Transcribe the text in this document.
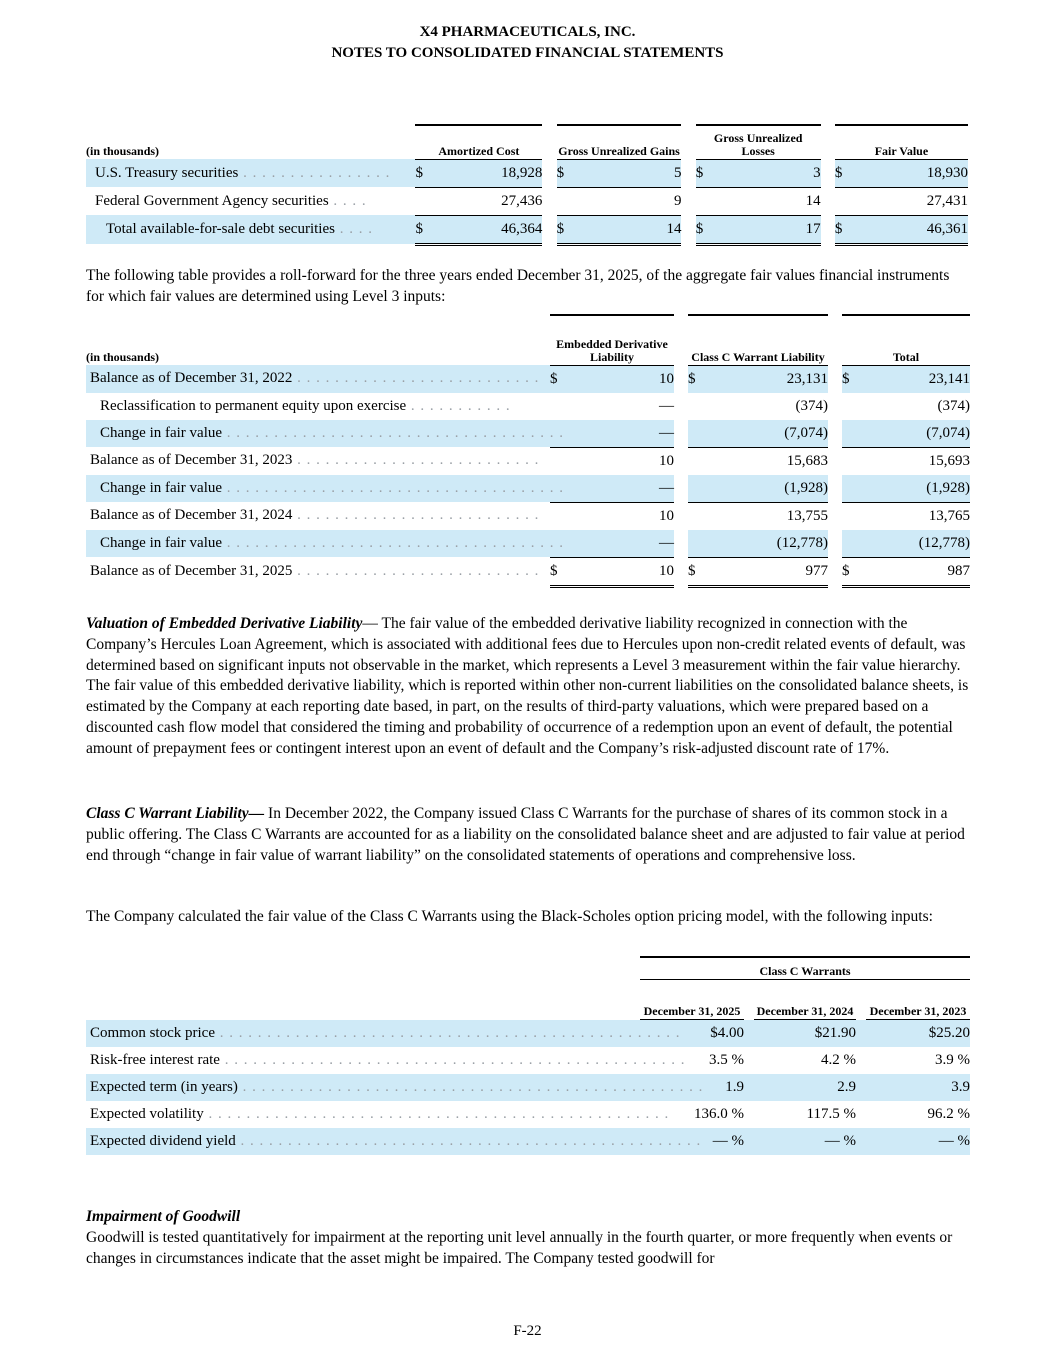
X4 PHARMACEUTICALS, INC.
NOTES TO CONSOLIDATED FINANCIAL STATEMENTS
(in thousands)	Amortized Cost			Gross Unrealized Gains			Gross Unrealized Losses			Fair Value	
U.S. Treasury securities . . . . . . . . . . . . . . . .	$	18,928		$	5		$	3		$	18,930
Federal Government Agency securities . . . .		27,436			9			14			27,431
Total available-for-sale debt securities . . . .	$	46,364		$	14		$	17		$	46,361

The following table provides a roll-forward for the three years ended December 31, 2025, of the aggregate fair values financial instruments for which fair values are determined using Level 3 inputs:

(in thousands)	Embedded Derivative Liability			Class C Warrant Liability			Total	
Balance as of December 31, 2022 . . . . . . . . . . . . . . . . . . . . . . . . . .	$	10		$	23,131		$	23,141
Reclassification to permanent equity upon exercise . . . . . . . . . . .		—			(374)			(374)
Change in fair value . . . . . . . . . . . . . . . . . . . . . . . . . . . . . . . . . . . .		—			(7,074)			(7,074)
Balance as of December 31, 2023 . . . . . . . . . . . . . . . . . . . . . . . . . .		10			15,683			15,693
Change in fair value . . . . . . . . . . . . . . . . . . . . . . . . . . . . . . . . . . . .		—			(1,928)			(1,928)
Balance as of December 31, 2024 . . . . . . . . . . . . . . . . . . . . . . . . . .		10			13,755			13,765
Change in fair value . . . . . . . . . . . . . . . . . . . . . . . . . . . . . . . . . . . .		—			(12,778)			(12,778)
Balance as of December 31, 2025 . . . . . . . . . . . . . . . . . . . . . . . . . .	$	10		$	977		$	987

Valuation of Embedded Derivative Liability— The fair value of the embedded derivative liability recognized in connection with the Company’s Hercules Loan Agreement, which is associated with additional fees due to Hercules upon non-credit related events of default, was determined based on significant inputs not observable in the market, which represents a Level 3 measurement within the fair value hierarchy. The fair value of this embedded derivative liability, which is reported within other non-current liabilities on the consolidated balance sheets, is estimated by the Company at each reporting date based, in part, on the results of third-party valuations, which were prepared based on a discounted cash flow model that considered the timing and probability of occurrence of a redemption upon an event of default, the potential amount of prepayment fees or contingent interest upon an event of default and the Company’s risk-adjusted discount rate of 17%.

Class C Warrant Liability— In December 2022, the Company issued Class C Warrants for the purchase of shares of its common stock in a public offering. The Class C Warrants are accounted for as a liability on the consolidated balance sheet and are adjusted to fair value at period end through “change in fair value of warrant liability” on the consolidated statements of operations and comprehensive loss.

The Company calculated the fair value of the Class C Warrants using the Black-Scholes option pricing model, with the following inputs:

	Class C Warrants				
	December 31, 2025		December 31, 2024		December 31, 2023
Common stock price . . . . . . . . . . . . . . . . . . . . . . . . . . . . . . . . . . . . . . . . . . . . . . . . .	$4.00		$21.90		$25.20
Risk-free interest rate . . . . . . . . . . . . . . . . . . . . . . . . . . . . . . . . . . . . . . . . . . . . . . . . .	3.5 %		4.2 %		3.9 %
Expected term (in years) . . . . . . . . . . . . . . . . . . . . . . . . . . . . . . . . . . . . . . . . . . . . . . . . .	1.9		2.9		3.9
Expected volatility . . . . . . . . . . . . . . . . . . . . . . . . . . . . . . . . . . . . . . . . . . . . . . . . .	136.0 %		117.5 %		96.2 %
Expected dividend yield . . . . . . . . . . . . . . . . . . . . . . . . . . . . . . . . . . . . . . . . . . . . . . . . .	— %		— %		— %

Impairment of Goodwill
Goodwill is tested quantitatively for impairment at the reporting unit level annually in the fourth quarter, or more frequently when events or changes in circumstances indicate that the asset might be impaired. The Company tested goodwill for

F-22
